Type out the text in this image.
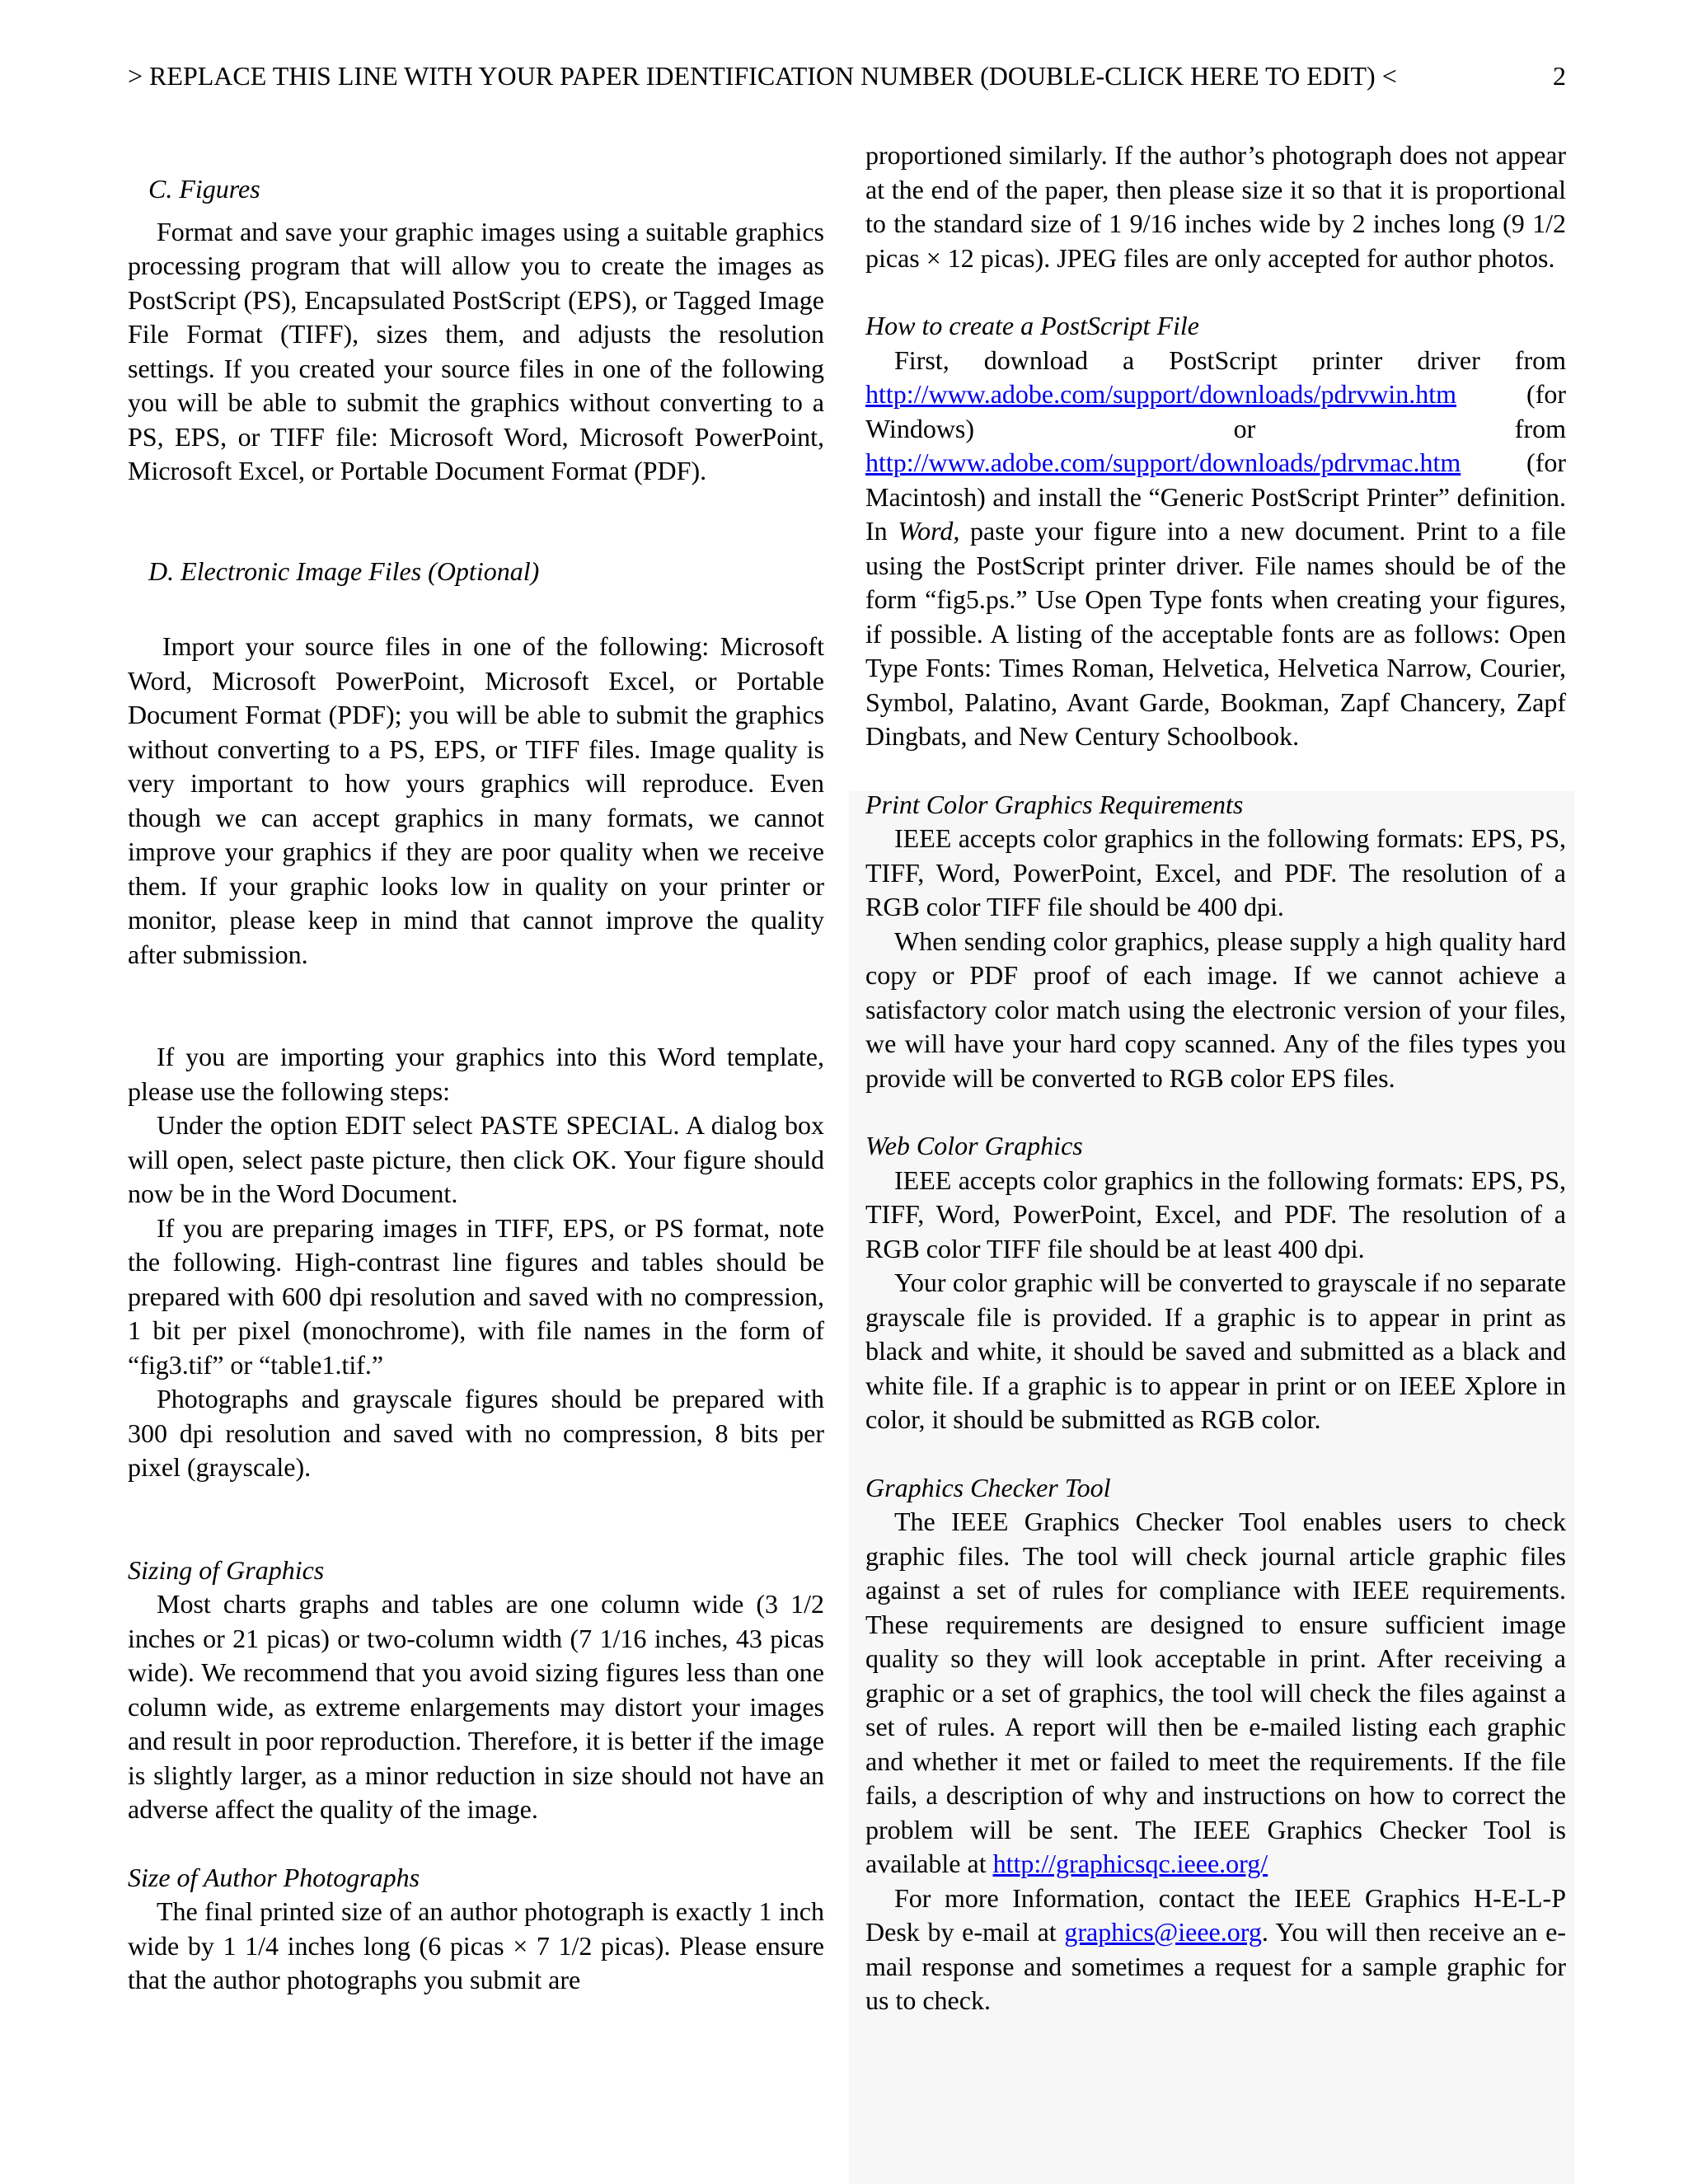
> REPLACE THIS LINE WITH YOUR PAPER IDENTIFICATION NUMBER (DOUBLE-CLICK HERE TO EDIT) <	2
C. Figures

Format and save your graphic images using a suitable graphics processing program that will allow you to create the images as PostScript (PS), Encapsulated PostScript (EPS), or Tagged Image File Format (TIFF), sizes them, and adjusts the resolution settings. If you created your source files in one of the following you will be able to submit the graphics without converting to a PS, EPS, or TIFF file: Microsoft Word, Microsoft PowerPoint, Microsoft Excel, or Portable Document Format (PDF).

D. Electronic Image Files (Optional)

Import your source files in one of the following: Microsoft Word, Microsoft PowerPoint, Microsoft Excel, or Portable Document Format (PDF); you will be able to submit the graphics without converting to a PS, EPS, or TIFF files. Image quality is very important to how yours graphics will reproduce. Even though we can accept graphics in many formats, we cannot improve your graphics if they are poor quality when we receive them. If your graphic looks low in quality on your printer or monitor, please keep in mind that cannot improve the quality after submission.

If you are importing your graphics into this Word template, please use the following steps:

Under the option EDIT select PASTE SPECIAL. A dialog box will open, select paste picture, then click OK. Your figure should now be in the Word Document.

If you are preparing images in TIFF, EPS, or PS format, note the following. High-contrast line figures and tables should be prepared with 600 dpi resolution and saved with no compression, 1 bit per pixel (monochrome), with file names in the form of “fig3.tif” or “table1.tif.”

Photographs and grayscale figures should be prepared with 300 dpi resolution and saved with no compression, 8 bits per pixel (grayscale).

Sizing of Graphics

Most charts graphs and tables are one column wide (3 1/2 inches or 21 picas) or two-column width (7 1/16 inches, 43 picas wide). We recommend that you avoid sizing figures less than one column wide, as extreme enlargements may distort your images and result in poor reproduction. Therefore, it is better if the image is slightly larger, as a minor reduction in size should not have an adverse affect the quality of the image.

Size of Author Photographs

The final printed size of an author photograph is exactly 1 inch wide by 1 1/4 inches long (6 picas × 7 1/2 picas). Please ensure that the author photographs you submit are

proportioned similarly. If the author’s photograph does not appear at the end of the paper, then please size it so that it is proportional to the standard size of 1 9/16 inches wide by 2 inches long (9 1/2 picas × 12 picas). JPEG files are only accepted for author photos.

How to create a PostScript File

First, download a PostScript printer driver from http://www.adobe.com/support/downloads/pdrvwin.htm (for Windows) or from http://www.adobe.com/support/downloads/pdrvmac.htm (for Macintosh) and install the “Generic PostScript Printer” definition. In Word, paste your figure into a new document. Print to a file using the PostScript printer driver. File names should be of the form “fig5.ps.” Use Open Type fonts when creating your figures, if possible. A listing of the acceptable fonts are as follows: Open Type Fonts: Times Roman, Helvetica, Helvetica Narrow, Courier, Symbol, Palatino, Avant Garde, Bookman, Zapf Chancery, Zapf Dingbats, and New Century Schoolbook.

Print Color Graphics Requirements

IEEE accepts color graphics in the following formats: EPS, PS, TIFF, Word, PowerPoint, Excel, and PDF. The resolution of a RGB color TIFF file should be 400 dpi.

When sending color graphics, please supply a high quality hard copy or PDF proof of each image. If we cannot achieve a satisfactory color match using the electronic version of your files, we will have your hard copy scanned. Any of the files types you provide will be converted to RGB color EPS files.

Web Color Graphics

IEEE accepts color graphics in the following formats: EPS, PS, TIFF, Word, PowerPoint, Excel, and PDF. The resolution of a RGB color TIFF file should be at least 400 dpi.

Your color graphic will be converted to grayscale if no separate grayscale file is provided. If a graphic is to appear in print as black and white, it should be saved and submitted as a black and white file. If a graphic is to appear in print or on IEEE Xplore in color, it should be submitted as RGB color.

Graphics Checker Tool

The IEEE Graphics Checker Tool enables users to check graphic files. The tool will check journal article graphic files against a set of rules for compliance with IEEE requirements. These requirements are designed to ensure sufficient image quality so they will look acceptable in print. After receiving a graphic or a set of graphics, the tool will check the files against a set of rules. A report will then be e-mailed listing each graphic and whether it met or failed to meet the requirements. If the file fails, a description of why and instructions on how to correct the problem will be sent. The IEEE Graphics Checker Tool is available at http://graphicsqc.ieee.org/

For more Information, contact the IEEE Graphics H-E-L-P Desk by e-mail at graphics@ieee.org. You will then receive an e-mail response and sometimes a request for a sample graphic for us to check.
